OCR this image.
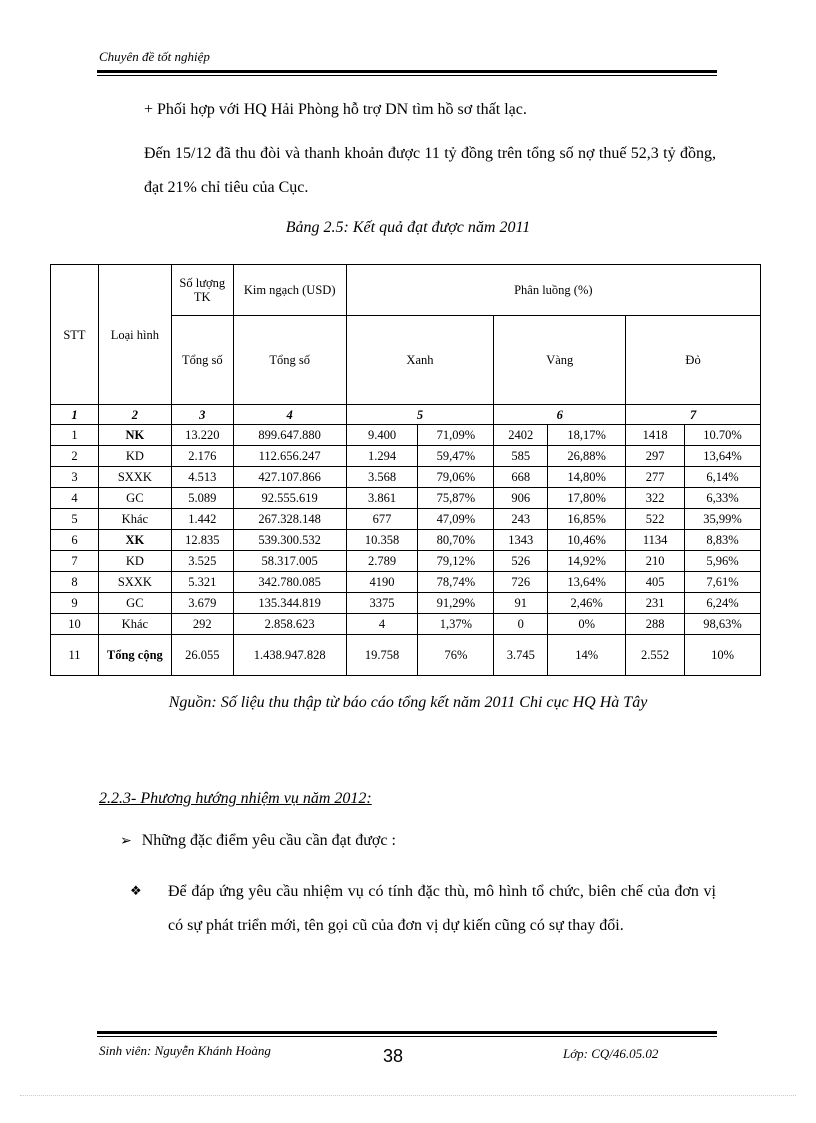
Chuyên đề tốt nghiệp
+ Phối hợp với HQ Hải Phòng hỗ trợ DN tìm hồ sơ thất lạc.
Đến 15/12 đã thu đòi và thanh khoản được 11 tỷ đồng trên tổng số nợ thuế 52,3 tỷ đồng, đạt 21% chỉ tiêu của Cục.
Bảng 2.5: Kết quả đạt được năm 2011
STT	Loại hình	Số lượng TK	Kim ngạch (USD)	Phân luồng (%)					
		Tổng số	Tổng số	Xanh		Vàng		Đỏ	
1	2	3	4	5		6		7	
1	NK	13.220	899.647.880	9.400	71,09%	2402	18,17%	1418	10.70%
2	KD	2.176	112.656.247	1.294	59,47%	585	26,88%	297	13,64%
3	SXXK	4.513	427.107.866	3.568	79,06%	668	14,80%	277	6,14%
4	GC	5.089	92.555.619	3.861	75,87%	906	17,80%	322	6,33%
5	Khác	1.442	267.328.148	677	47,09%	243	16,85%	522	35,99%
6	XK	12.835	539.300.532	10.358	80,70%	1343	10,46%	1134	8,83%
7	KD	3.525	58.317.005	2.789	79,12%	526	14,92%	210	5,96%
8	SXXK	5.321	342.780.085	4190	78,74%	726	13,64%	405	7,61%
9	GC	3.679	135.344.819	3375	91,29%	91	2,46%	231	6,24%
10	Khác	292	2.858.623	4	1,37%	0	0%	288	98,63%
11	Tổng cộng	26.055	1.438.947.828	19.758	76%	3.745	14%	2.552	10%
Nguồn: Số liệu thu thập từ báo cáo tổng kết năm 2011 Chi cục HQ Hà Tây
2.2.3- Phương hướng nhiệm vụ năm 2012:
➢ Những đặc điểm yêu cầu cần đạt được :
❖	Để đáp ứng yêu cầu nhiệm vụ có tính đặc thù, mô hình tổ chức, biên chế của đơn vị có sự phát triển mới, tên gọi cũ của đơn vị dự kiến cũng có sự thay đổi.
Sinh viên: Nguyễn Khánh Hoàng	38	Lớp: CQ/46.05.02
